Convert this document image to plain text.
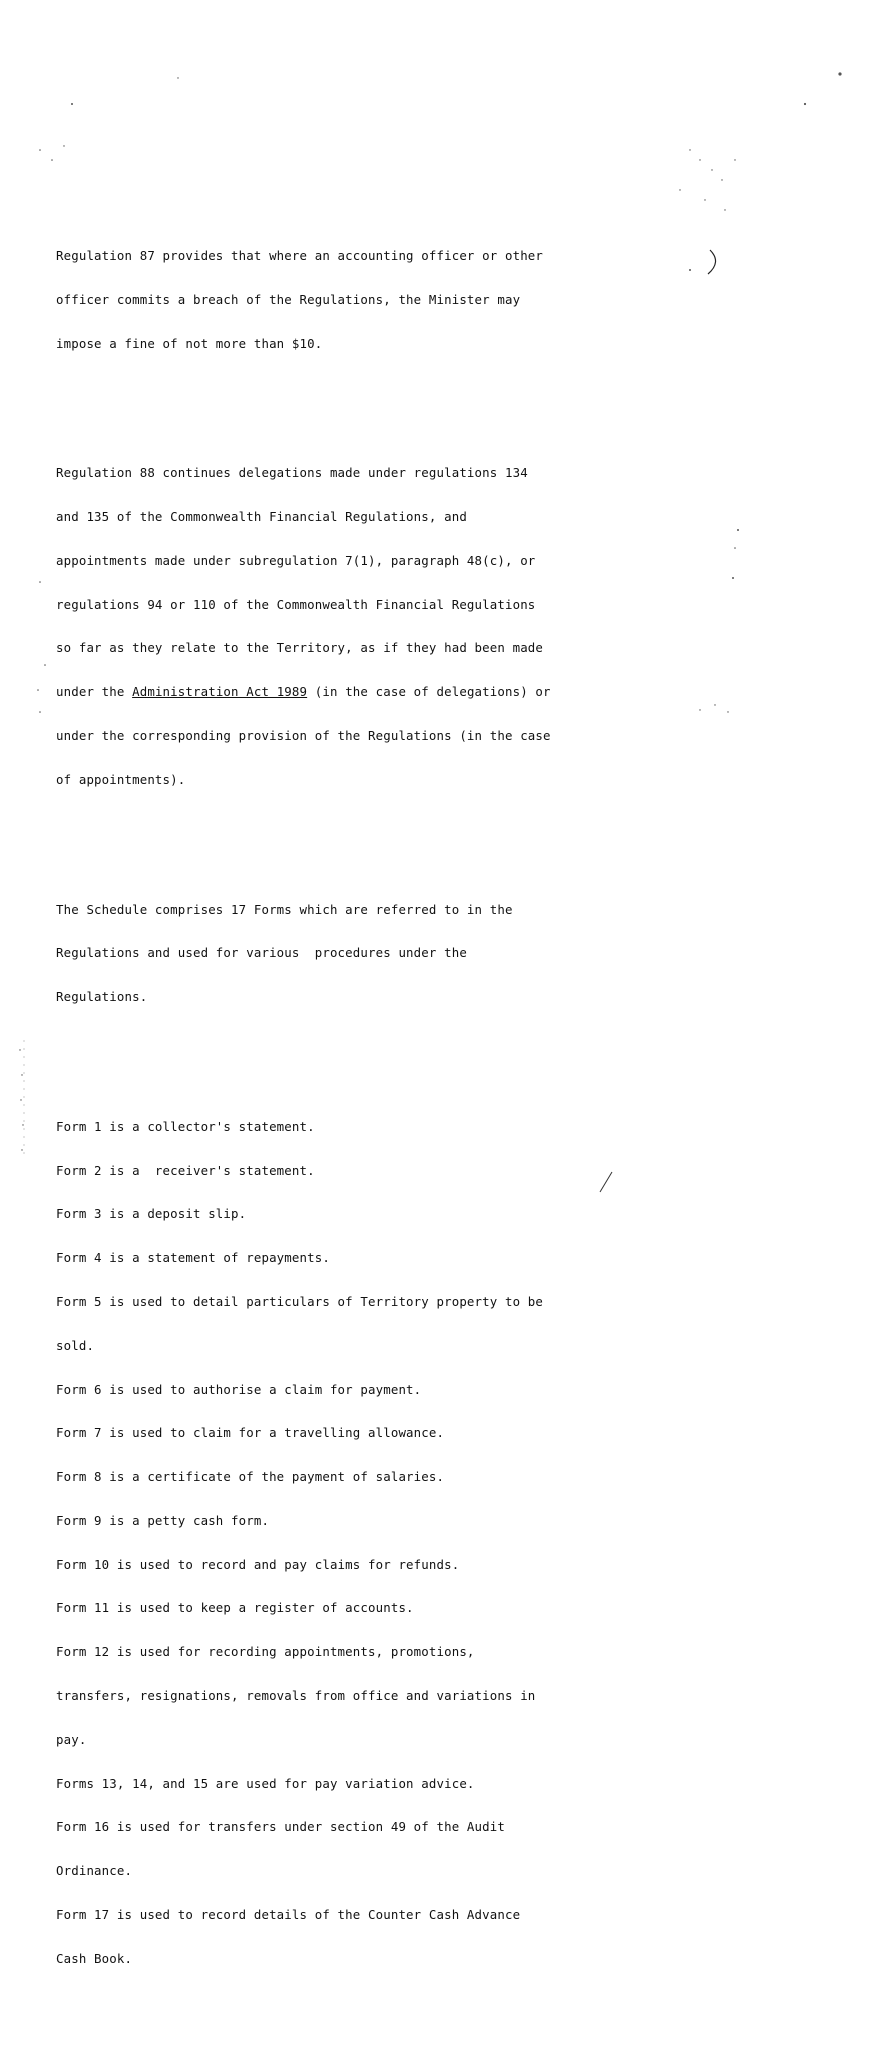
Regulation 87 provides that where an accounting officer or other

officer commits a breach of the Regulations, the Minister may

impose a fine of not more than $10.

Regulation 88 continues delegations made under regulations 134

and 135 of the Commonwealth Financial Regulations, and

appointments made under subregulation 7(1), paragraph 48(c), or

regulations 94 or 110 of the Commonwealth Financial Regulations

so far as they relate to the Territory, as if they had been made

under the Administration Act 1989 (in the case of delegations) or

under the corresponding provision of the Regulations (in the case

of appointments).

The Schedule comprises 17 Forms which are referred to in the

Regulations and used for various  procedures under the

Regulations.

Form 1 is a collector's statement.

Form 2 is a  receiver's statement.

Form 3 is a deposit slip.

Form 4 is a statement of repayments.

Form 5 is used to detail particulars of Territory property to be

sold.

Form 6 is used to authorise a claim for payment.

Form 7 is used to claim for a travelling allowance.

Form 8 is a certificate of the payment of salaries.

Form 9 is a petty cash form.

Form 10 is used to record and pay claims for refunds.

Form 11 is used to keep a register of accounts.

Form 12 is used for recording appointments, promotions,

transfers, resignations, removals from office and variations in

pay.

Forms 13, 14, and 15 are used for pay variation advice.

Form 16 is used for transfers under section 49 of the Audit

Ordinance.

Form 17 is used to record details of the Counter Cash Advance

Cash Book.
